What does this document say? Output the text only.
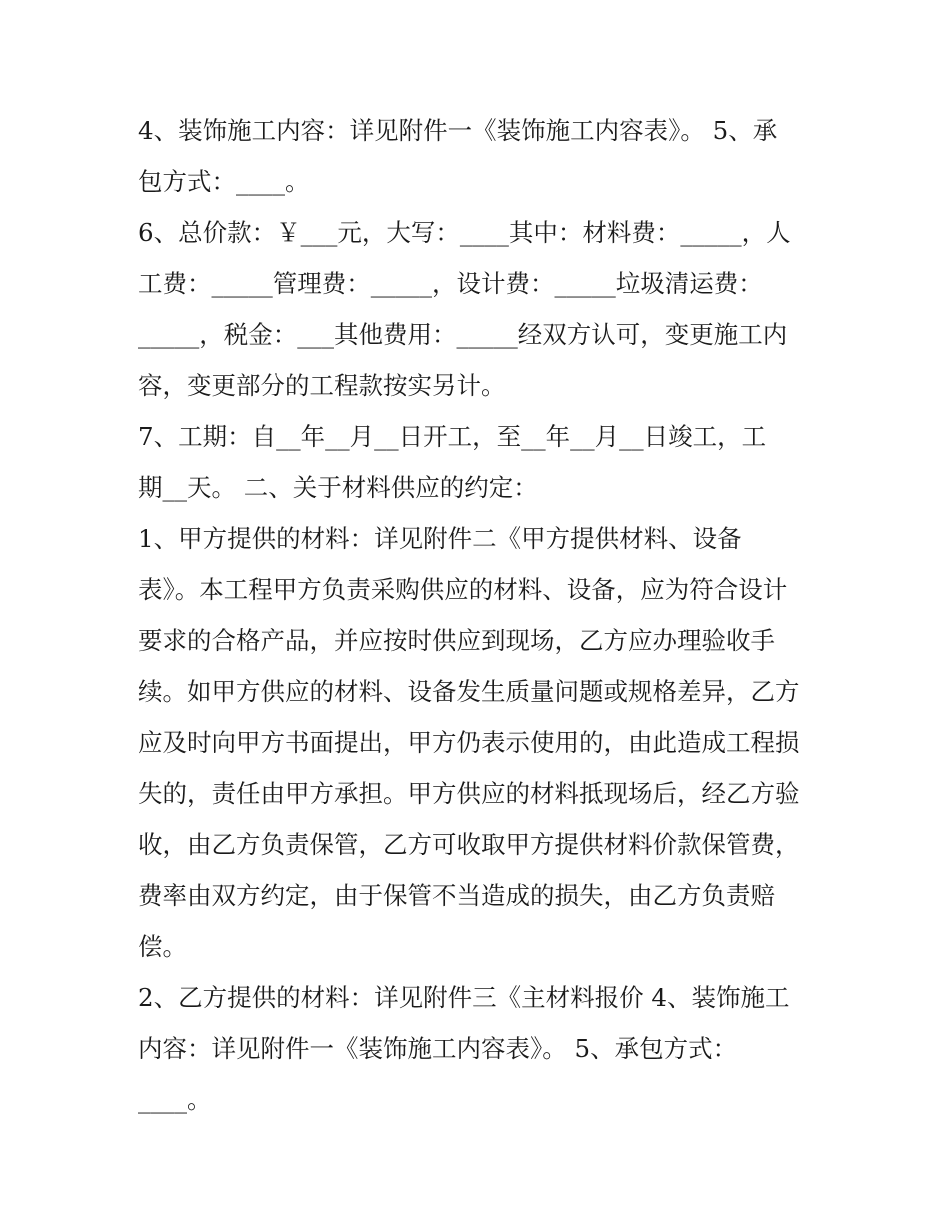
4、装饰施工内容：详见附件一《装饰施工内容表》。 5、承
包方式：____。
6、总价款：￥___元，大写：____其中：材料费：_____，人
工费：_____管理费：_____，设计费：_____垃圾清运费：
_____，税金：___其他费用：_____经双方认可，变更施工内
容，变更部分的工程款按实另计。
7、工期：自__年__月__日开工，至__年__月__日竣工，工
期__天。 二、关于材料供应的约定：
1、甲方提供的材料：详见附件二《甲方提供材料、设备
表》。本工程甲方负责采购供应的材料、设备，应为符合设计
要求的合格产品，并应按时供应到现场，乙方应办理验收手
续。如甲方供应的材料、设备发生质量问题或规格差异，乙方
应及时向甲方书面提出，甲方仍表示使用的，由此造成工程损
失的，责任由甲方承担。甲方供应的材料抵现场后，经乙方验
收，由乙方负责保管，乙方可收取甲方提供材料价款保管费，
费率由双方约定，由于保管不当造成的损失，由乙方负责赔
偿。
2、乙方提供的材料：详见附件三《主材料报价 4、装饰施工
内容：详见附件一《装饰施工内容表》。 5、承包方式：
____。
